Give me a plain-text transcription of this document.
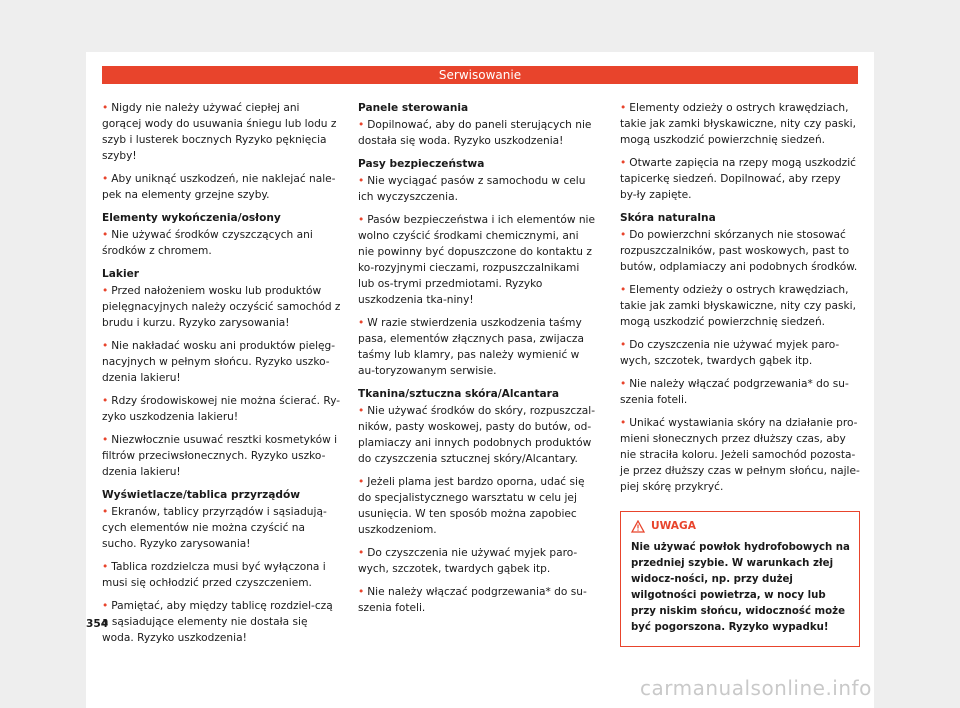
Serwisowanie

• Nigdy nie należy używać ciepłej ani gorącej wody do usuwania śniegu lub lodu z szyb i lusterek bocznych Ryzyko pęknięcia szyby!

• Aby uniknąć uszkodzeń, nie naklejać nale-pek na elementy grzejne szyby.

Elementy wykończenia/osłony

• Nie używać środków czyszczących ani środków z chromem.

Lakier

• Przed nałożeniem wosku lub produktów pielęgnacyjnych należy oczyścić samochód z brudu i kurzu. Ryzyko zarysowania!

• Nie nakładać wosku ani produktów pielęg-nacyjnych w pełnym słońcu. Ryzyko uszko-dzenia lakieru!

• Rdzy środowiskowej nie można ścierać. Ry-zyko uszkodzenia lakieru!

• Niezwłocznie usuwać resztki kosmetyków i filtrów przeciwsłonecznych. Ryzyko uszko-dzenia lakieru!

Wyświetlacze/tablica przyrządów

• Ekranów, tablicy przyrządów i sąsiadują-cych elementów nie można czyścić na sucho. Ryzyko zarysowania!

• Tablica rozdzielcza musi być wyłączona i musi się ochłodzić przed czyszczeniem.

• Pamiętać, aby między tablicę rozdziel-czą a sąsiadujące elementy nie dostała się woda. Ryzyko uszkodzenia!

Panele sterowania

• Dopilnować, aby do paneli sterujących nie dostała się woda. Ryzyko uszkodzenia!

Pasy bezpieczeństwa

• Nie wyciągać pasów z samochodu w celu ich wyczyszczenia.

• Pasów bezpieczeństwa i ich elementów nie wolno czyścić środkami chemicznymi, ani nie powinny być dopuszczone do kontaktu z ko-rozyjnymi cieczami, rozpuszczalnikami lub os-trymi przedmiotami. Ryzyko uszkodzenia tka-niny!

• W razie stwierdzenia uszkodzenia taśmy pasa, elementów złącznych pasa, zwijacza taśmy lub klamry, pas należy wymienić w au-toryzowanym serwisie.

Tkanina/sztuczna skóra/Alcantara

• Nie używać środków do skóry, rozpuszczal-ników, pasty woskowej, pasty do butów, od-plamiaczy ani innych podobnych produktów do czyszczenia sztucznej skóry/Alcantary.

• Jeżeli plama jest bardzo oporna, udać się do specjalistycznego warsztatu w celu jej usunięcia. W ten sposób można zapobiec uszkodzeniom.

• Do czyszczenia nie używać myjek paro-wych, szczotek, twardych gąbek itp.

• Nie należy włączać podgrzewania* do su-szenia foteli.

• Elementy odzieży o ostrych krawędziach, takie jak zamki błyskawiczne, nity czy paski, mogą uszkodzić powierzchnię siedzeń.

• Otwarte zapięcia na rzepy mogą uszkodzić tapicerkę siedzeń. Dopilnować, aby rzepy by-ły zapięte.

Skóra naturalna

• Do powierzchni skórzanych nie stosować rozpuszczalników, past woskowych, past to butów, odplamiaczy ani podobnych środków.

• Elementy odzieży o ostrych krawędziach, takie jak zamki błyskawiczne, nity czy paski, mogą uszkodzić powierzchnię siedzeń.

• Do czyszczenia nie używać myjek paro-wych, szczotek, twardych gąbek itp.

• Nie należy włączać podgrzewania* do su-szenia foteli.

• Unikać wystawiania skóry na działanie pro-mieni słonecznych przez dłuższy czas, aby nie straciła koloru. Jeżeli samochód pozosta-je przez dłuższy czas w pełnym słońcu, najle-piej skórę przykryć.

UWAGA
Nie używać powłok hydrofobowych na przedniej szybie. W warunkach złej widocz-ności, np. przy dużej wilgotności powietrza, w nocy lub przy niskim słońcu, widoczność może być pogorszona. Ryzyko wypadku!
354
carmanualsonline.info
